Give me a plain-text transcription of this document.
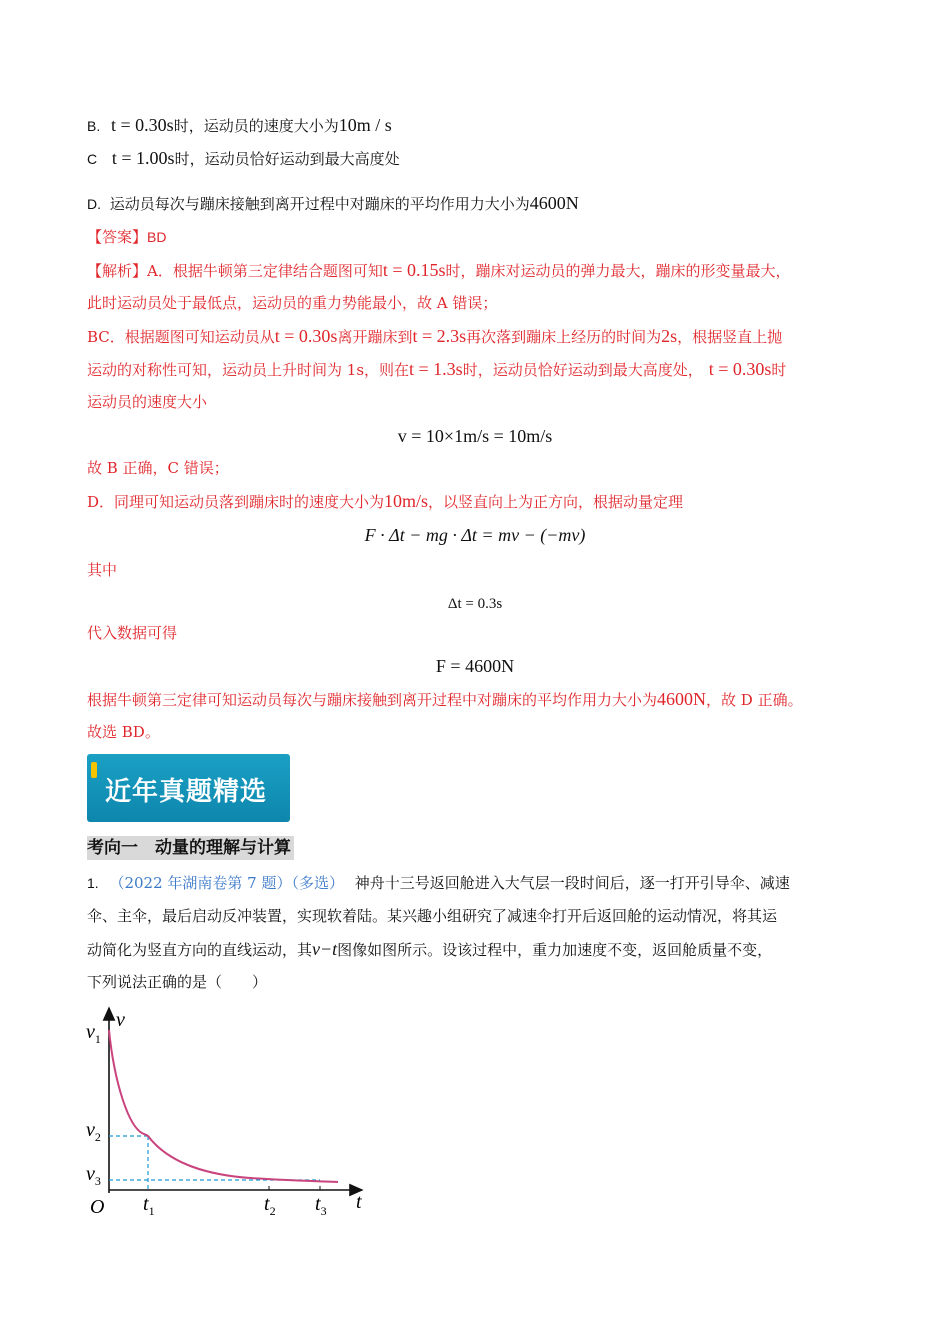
B. t = 0.30s时，运动员的速度大小为10m / s
C t = 1.00s时，运动员恰好运动到最大高度处
D. 运动员每次与蹦床接触到离开过程中对蹦床的平均作用力大小为4600N
【答案】BD
【解析】A．根据牛顿第三定律结合题图可知t = 0.15s时，蹦床对运动员的弹力最大，蹦床的形变量最大，
此时运动员处于最低点，运动员的重力势能最小，故 A 错误；
BC．根据题图可知运动员从t = 0.30s离开蹦床到t = 2.3s再次落到蹦床上经历的时间为2s，根据竖直上抛
运动的对称性可知，运动员上升时间为 1s，则在t = 1.3s时，运动员恰好运动到最大高度处， t = 0.30s时
运动员的速度大小
v = 10×1m/s = 10m/s
故 B 正确，C 错误；
D．同理可知运动员落到蹦床时的速度大小为10m/s，以竖直向上为正方向，根据动量定理
F · Δt − mg · Δt = mv − (−mv)
其中
Δt = 0.3s
代入数据可得
F = 4600N
根据牛顿第三定律可知运动员每次与蹦床接触到离开过程中对蹦床的平均作用力大小为4600N，故 D 正确。
故选 BD。
近年真题精选
考向一　动量的理解与计算
1. （2022 年湖南卷第 7 题）（多选） 神舟十三号返回舱进入大气层一段时间后，逐一打开引导伞、减速
伞、主伞，最后启动反冲装置，实现软着陆。某兴趣小组研究了减速伞打开后返回舱的运动情况，将其运
动简化为竖直方向的直线运动，其v−t图像如图所示。设该过程中，重力加速度不变，返回舱质量不变，
下列说法正确的是（　　）
v
$v_1$
$v_2$
$v_3$
O $t_1$	$t_2$ $t_3$ t
